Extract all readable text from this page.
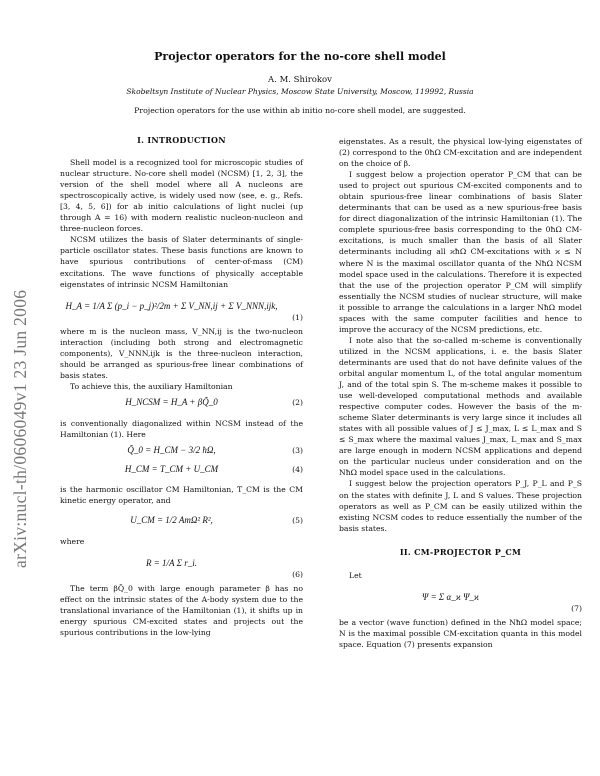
arXiv:nucl-th/0606049v1 23 Jun 2006
Projector operators for the no-core shell model
A. M. Shirokov
Skobeltsyn Institute of Nuclear Physics, Moscow State University, Moscow, 119992, Russia
Projection operators for the use within ab initio no-core shell model, are suggested.
I. INTRODUCTION

Shell model is a recognized tool for microscopic studies of nuclear structure. No-core shell model (NCSM) [1, 2, 3], the version of the shell model where all A nucleons are spectroscopically active, is widely used now (see, e. g., Refs. [3, 4, 5, 6]) for ab initio calculations of light nuclei (up through A = 16) with modern realistic nucleon-nucleon and three-nucleon forces.

NCSM utilizes the basis of Slater determinants of single-particle oscillator states. These basis functions are known to have spurious contributions of center-of-mass (CM) excitations. The wave functions of physically acceptable eigenstates of intrinsic NCSM Hamiltonian

H_A = 1/A Σ (p_i − p_j)²/2m + Σ V_NN,ij + Σ V_NNN,ijk,
(1)

where m is the nucleon mass, V_NN,ij is the two-nucleon interaction (including both strong and electromagnetic components), V_NNN,ijk is the three-nucleon interaction, should be arranged as spurious-free linear combinations of basis states.

To achieve this, the auxiliary Hamiltonian

H_NCSM = H_A + βQ̃_0	(2)

is conventionally diagonalized within NCSM instead of the Hamiltonian (1). Here

Q̃_0 = H_CM − 3/2 ħΩ,	(3)
H_CM = T_CM + U_CM	(4)

is the harmonic oscillator CM Hamiltonian, T_CM is the CM kinetic energy operator, and

U_CM = 1/2 AmΩ² R²,	(5)

where

R = 1/A Σ r_i.
(6)

The term βQ̃_0 with large enough parameter β has no effect on the intrinsic states of the A-body system due to the translational invariance of the Hamiltonian (1), it shifts up in energy spurious CM-excited states and projects out the spurious contributions in the low-lying

eigenstates. As a result, the physical low-lying eigenstates of (2) correspond to the 0ħΩ CM-excitation and are independent on the choice of β.

I suggest below a projection operator P_CM that can be used to project out spurious CM-excited components and to obtain spurious-free linear combinations of basis Slater determinants that can be used as a new spurious-free basis for direct diagonalization of the intrinsic Hamiltonian (1). The complete spurious-free basis corresponding to the 0ħΩ CM-excitations, is much smaller than the basis of all Slater determinants including all ϰħΩ CM-excitations with ϰ ≤ N where N is the maximal oscillator quanta of the NħΩ NCSM model space used in the calculations. Therefore it is expected that the use of the projection operator P_CM will simplify essentially the NCSM studies of nuclear structure, will make it possible to arrange the calculations in a larger NħΩ model spaces with the same computer facilities and hence to improve the accuracy of the NCSM predictions, etc.

I note also that the so-called m-scheme is conventionally utilized in the NCSM applications, i. e. the basis Slater determinants are used that do not have definite values of the orbital angular momentum L, of the total angular momentum J, and of the total spin S. The m-scheme makes it possible to use well-developed computational methods and available respective computer codes. However the basis of the m-scheme Slater determinants is very large since it includes all states with all possible values of J ≤ J_max, L ≤ L_max and S ≤ S_max where the maximal values J_max, L_max and S_max are large enough in modern NCSM applications and depend on the particular nucleus under consideration and on the NħΩ model space used in the calculations.

I suggest below the projection operators P_J, P_L and P_S on the states with definite J, L and S values. These projection operators as well as P_CM can be easily utilized within the existing NCSM codes to reduce essentially the number of the basis states.

II. CM-PROJECTOR P_CM

Let

Ψ = Σ α_ϰ Ψ_ϰ
(7)

be a vector (wave function) defined in the NħΩ model space; N is the maximal possible CM-excitation quanta in this model space. Equation (7) presents expansion
